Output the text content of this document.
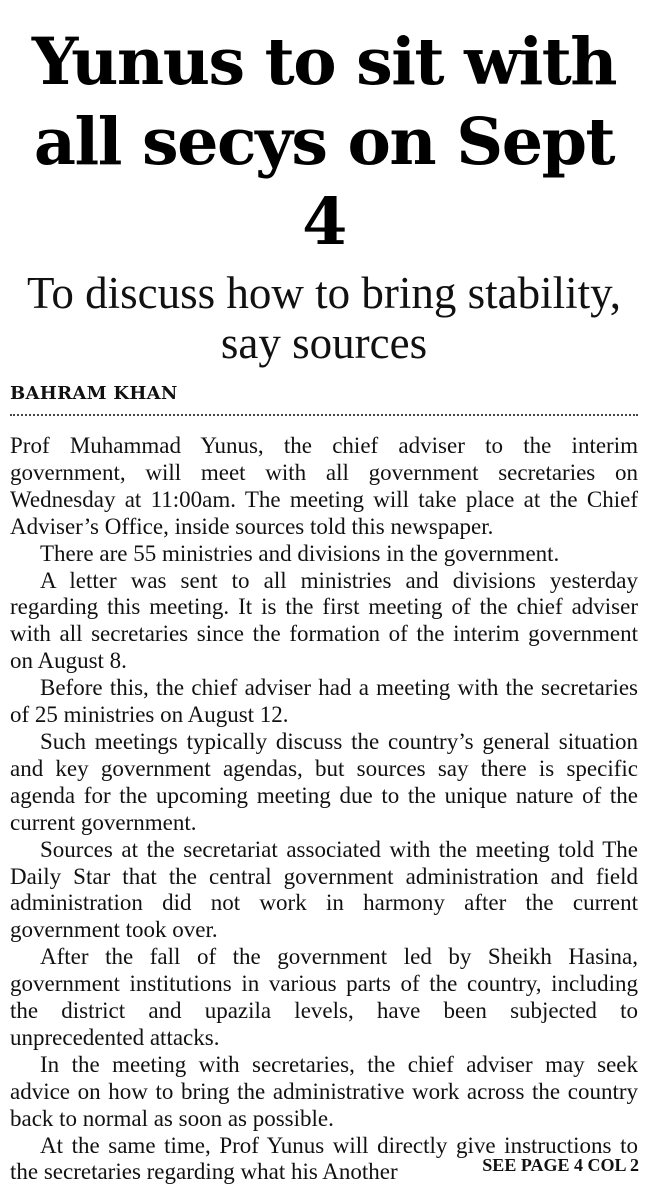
Yunus to sit with all secys on Sept 4
To discuss how to bring stability, say sources
BAHRAM KHAN

Prof Muhammad Yunus, the chief adviser to the interim government, will meet with all government secretaries on Wednesday at 11:00am. The meeting will take place at the Chief Adviser’s Office, inside sources told this newspaper.

There are 55 ministries and divisions in the government.

A letter was sent to all ministries and divisions yesterday regarding this meeting. It is the first meeting of the chief adviser with all secretaries since the formation of the interim government on August 8.

Before this, the chief adviser had a meeting with the secretaries of 25 ministries on August 12.

Such meetings typically discuss the country’s general situation and key government agendas, but sources say there is specific agenda for the upcoming meeting due to the unique nature of the current government.

Sources at the secretariat associated with the meeting told The Daily Star that the central government administration and field administration did not work in harmony after the current government took over.

After the fall of the government led by Sheikh Hasina, government institutions in various parts of the country, including the district and upazila levels, have been subjected to unprecedented attacks.

In the meeting with secretaries, the chief adviser may seek advice on how to bring the administrative work across the country back to normal as soon as possible.

At the same time, Prof Yunus will directly give instructions to the secretaries regarding what his Another	SEE PAGE 4 COL 2
